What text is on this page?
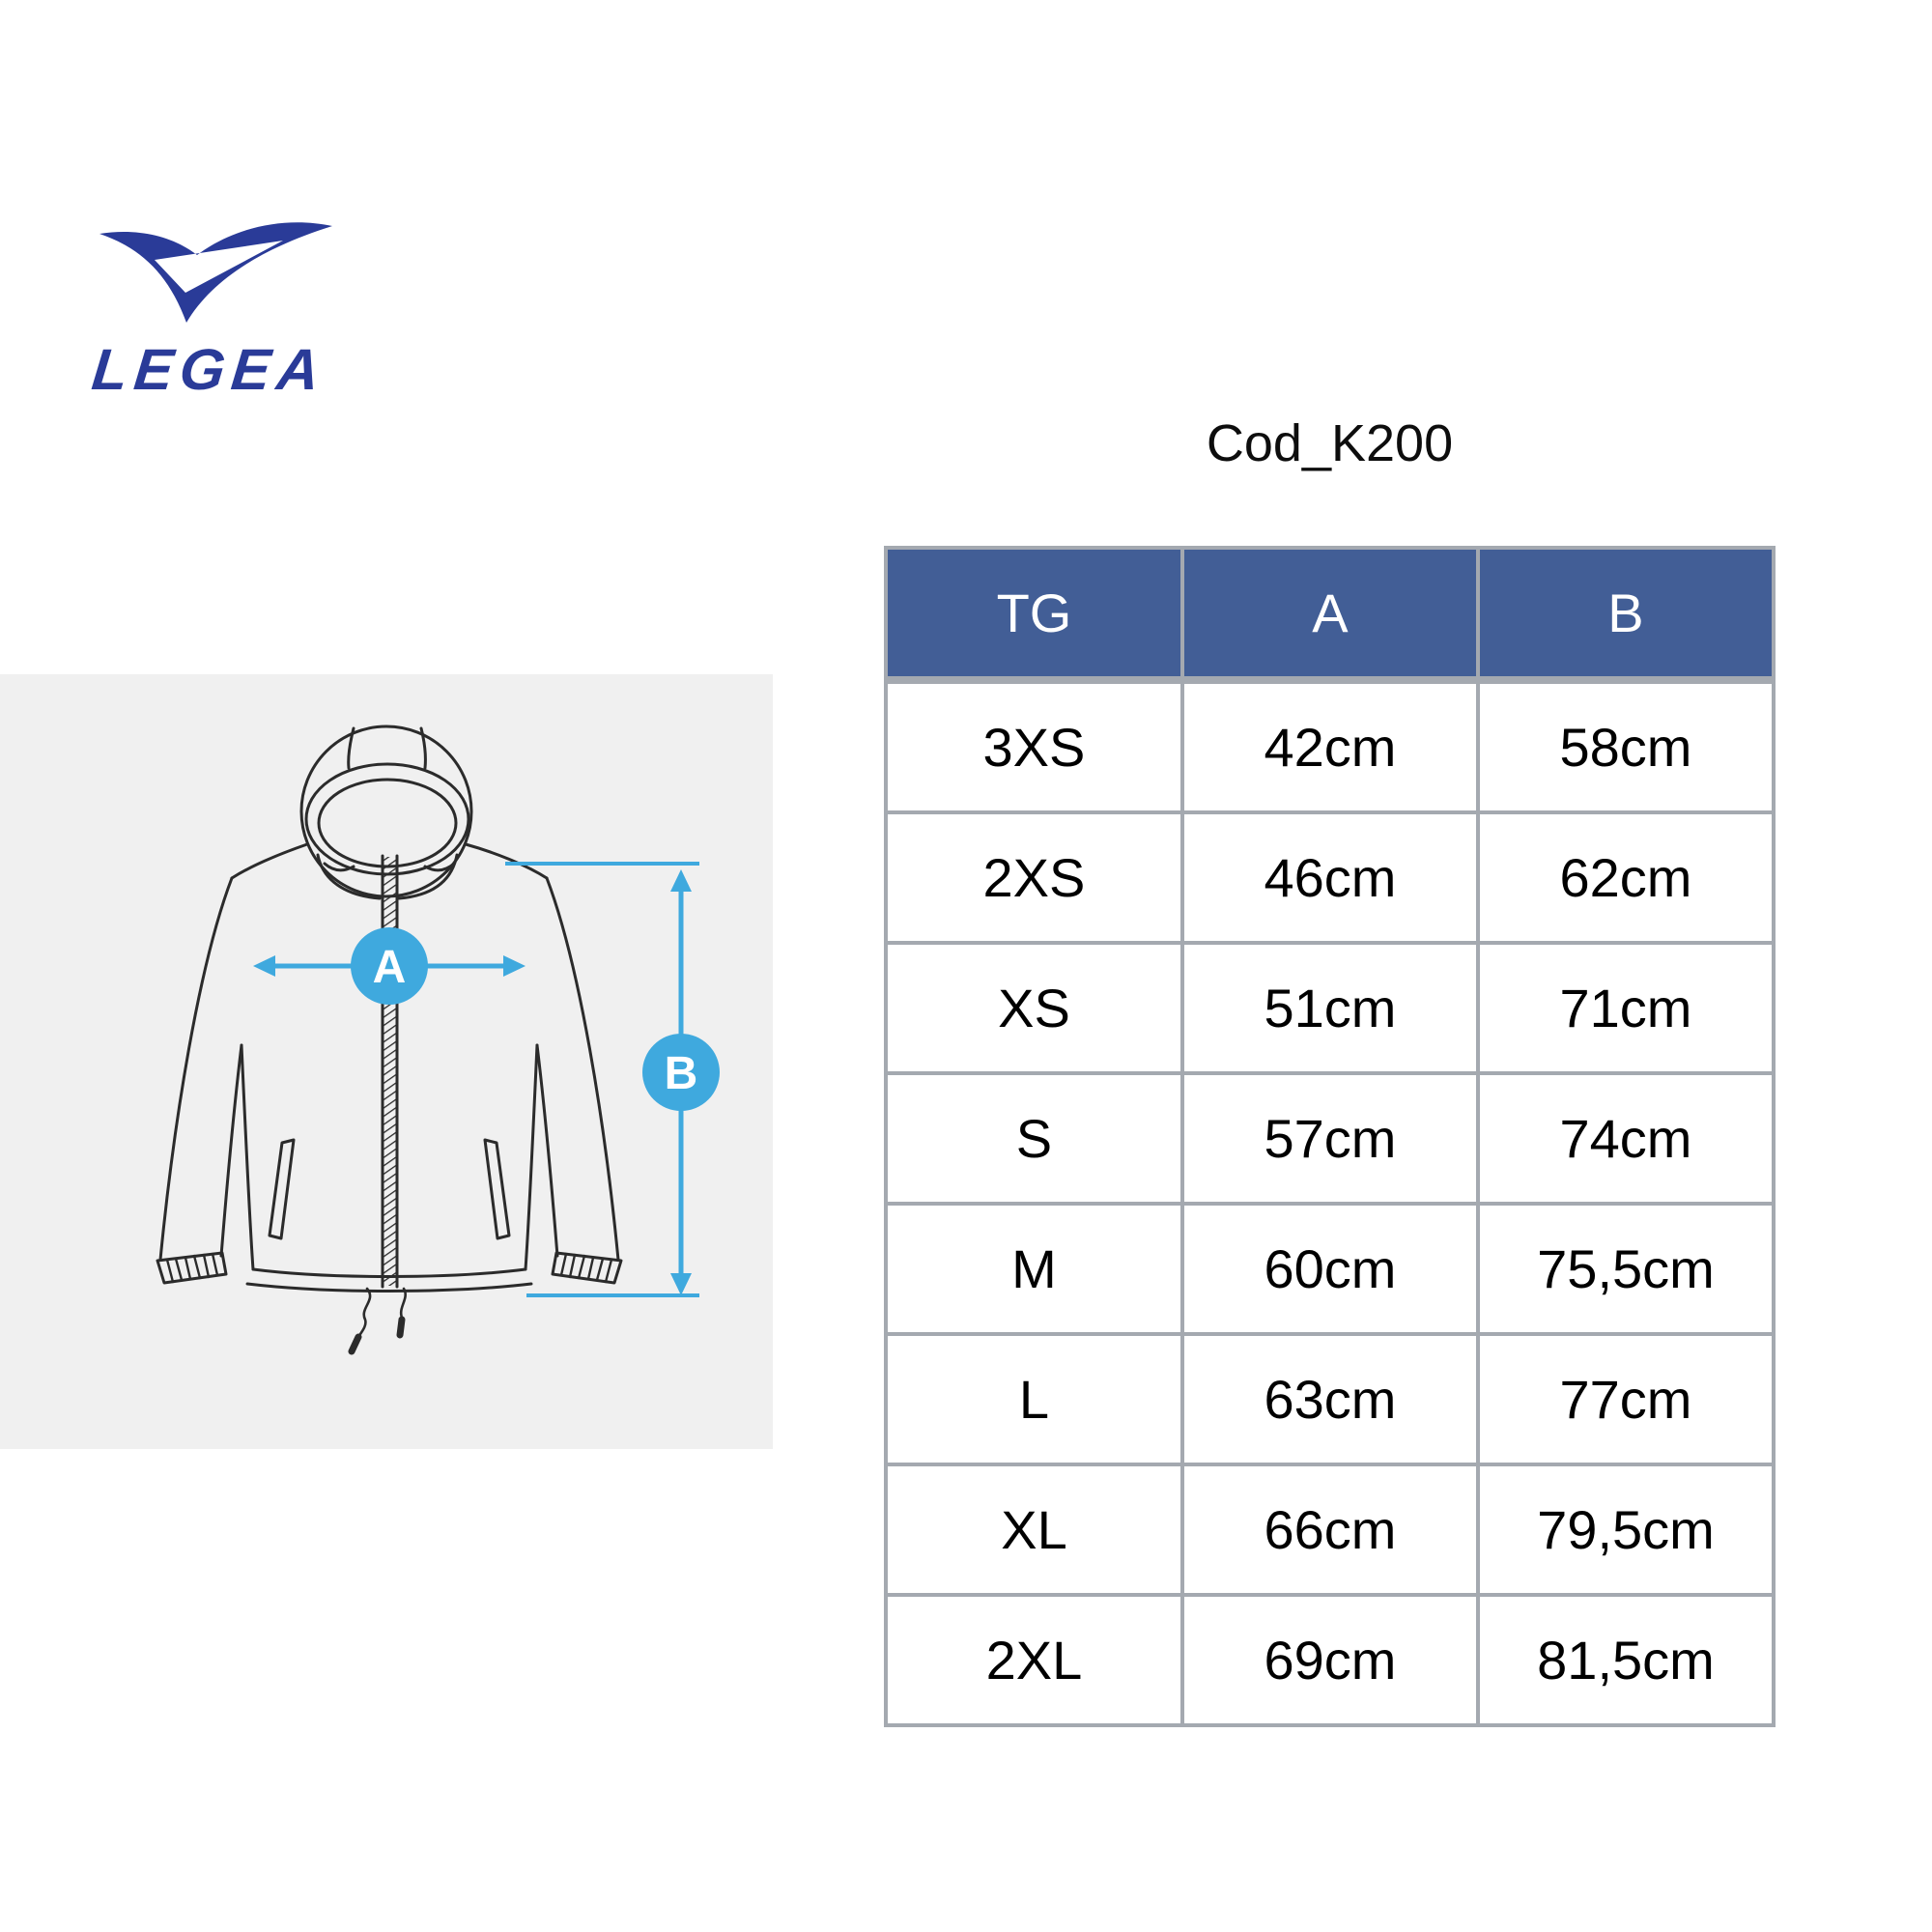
LEGEA
Cod_K200
A
B
TG	A	B
3XS	42cm	58cm
2XS	46cm	62cm
XS	51cm	71cm
S	57cm	74cm
M	60cm	75,5cm
L	63cm	77cm
XL	66cm	79,5cm
2XL	69cm	81,5cm
